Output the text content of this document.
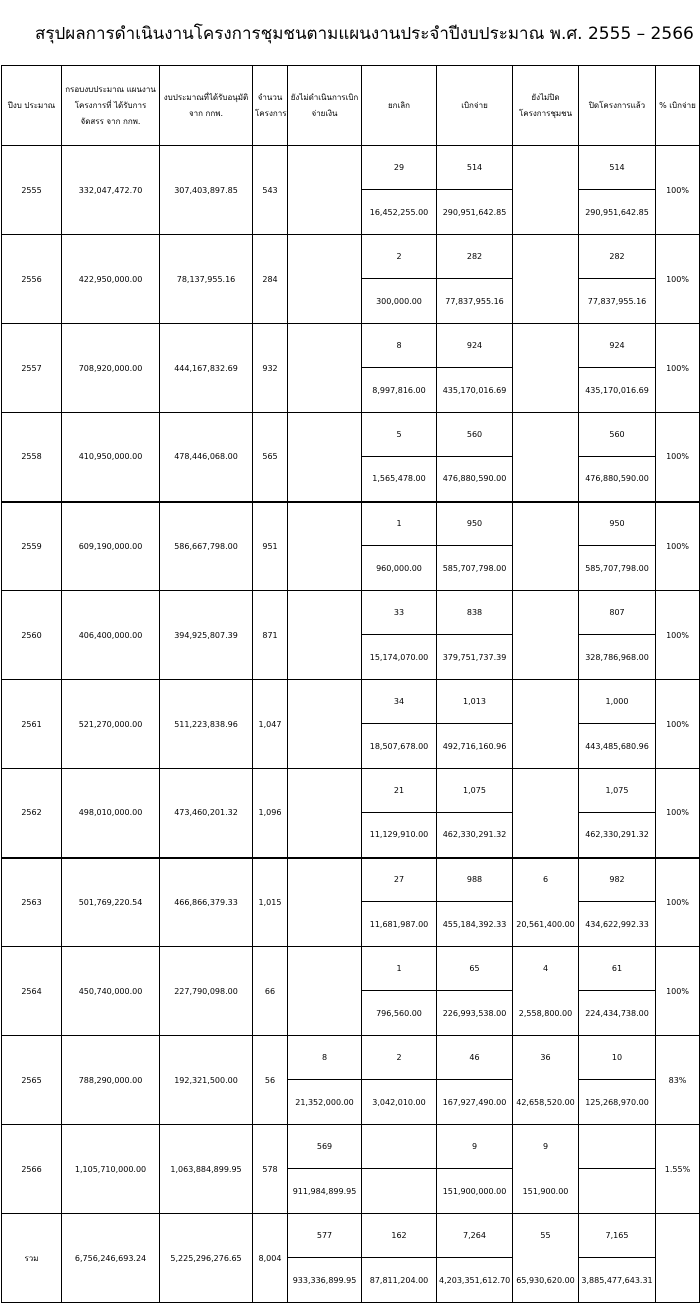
สรุปผลการดำเนินงานโครงการชุมชนตามแผนงานประจำปีงบประมาณ พ.ศ. 2555 – 2566
ปีงบ ประมาณ	กรอบงบประมาณ แผนงานโครงการที่ ได้รับการจัดสรร จาก กกพ.	งบประมาณที่ได้รับอนุมัติ จาก กกพ.	จำนวน โครงการ	ยังไม่ดำเนินการเบิก จ่ายเงิน	ยกเลิก	เบิกจ่าย	ยังไม่ปิด โครงการชุมชน	ปิดโครงการแล้ว	% เบิกจ่าย
2555	332,047,472.70	307,403,897.85	543		29	514		514	100%
					16,452,255.00	290,951,642.85		290,951,642.85	
2556	422,950,000.00	78,137,955.16	284		2	282		282	100%
					300,000.00	77,837,955.16		77,837,955.16	
2557	708,920,000.00	444,167,832.69	932		8	924		924	100%
					8,997,816.00	435,170,016.69		435,170,016.69	
2558	410,950,000.00	478,446,068.00	565		5	560		560	100%
					1,565,478.00	476,880,590.00		476,880,590.00	
2559	609,190,000.00	586,667,798.00	951		1	950		950	100%
					960,000.00	585,707,798.00		585,707,798.00	
2560	406,400,000.00	394,925,807.39	871		33	838		807	100%
					15,174,070.00	379,751,737.39		328,786,968.00	
2561	521,270,000.00	511,223,838.96	1,047		34	1,013		1,000	100%
					18,507,678.00	492,716,160.96		443,485,680.96	
2562	498,010,000.00	473,460,201.32	1,096		21	1,075		1,075	100%
					11,129,910.00	462,330,291.32		462,330,291.32	
2563	501,769,220.54	466,866,379.33	1,015		27	988	6	982	100%
					11,681,987.00	455,184,392.33	20,561,400.00	434,622,992.33	
2564	450,740,000.00	227,790,098.00	66		1	65	4	61	100%
					796,560.00	226,993,538.00	2,558,800.00	224,434,738.00	
2565	788,290,000.00	192,321,500.00	56	8	2	46	36	10	83%
				21,352,000.00	3,042,010.00	167,927,490.00	42,658,520.00	125,268,970.00	
2566	1,105,710,000.00	1,063,884,899.95	578	569		9	9		1.55%
				911,984,899.95		151,900,000.00	151,900.00		
รวม	6,756,246,693.24	5,225,296,276.65	8,004	577	162	7,264	55	7,165	
				933,336,899.95	87,811,204.00	4,203,351,612.70	65,930,620.00	3,885,477,643.31	
